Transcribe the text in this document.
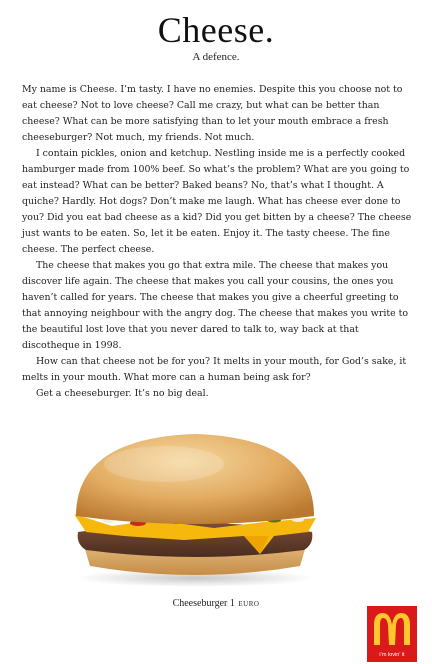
Cheese.
A defence.

My name is Cheese. I’m tasty. I have no enemies. Despite this you choose not to eat cheese? Not to love cheese? Call me crazy, but what can be better than cheese? What can be more satisfying than to let your mouth embrace a fresh cheeseburger? Not much, my friends. Not much.

I contain pickles, onion and ketchup. Nestling inside me is a perfectly cooked hamburger made from 100% beef. So what’s the problem? What are you going to eat instead? What can be better? Baked beans? No, that’s what I thought. A quiche? Hardly. Hot dogs? Don’t make me laugh. What has cheese ever done to you? Did you eat bad cheese as a kid? Did you get bitten by a cheese? The cheese just wants to be eaten. So, let it be eaten. Enjoy it. The tasty cheese. The fine cheese. The perfect cheese.

The cheese that makes you go that extra mile. The cheese that makes you discover life again. The cheese that makes you call your cousins, the ones you haven’t called for years. The cheese that makes you give a cheerful greeting to that annoying neighbour with the angry dog. The cheese that makes you write to the beautiful lost love that you never dared to talk to, way back at that discotheque in 1998.

How can that cheese not be for you? It melts in your mouth, for God’s sake, it melts in your mouth. What more can a human being ask for?

Get a cheeseburger. It’s no big deal.

Cheeseburger 1 euro
i’m lovin’ it
